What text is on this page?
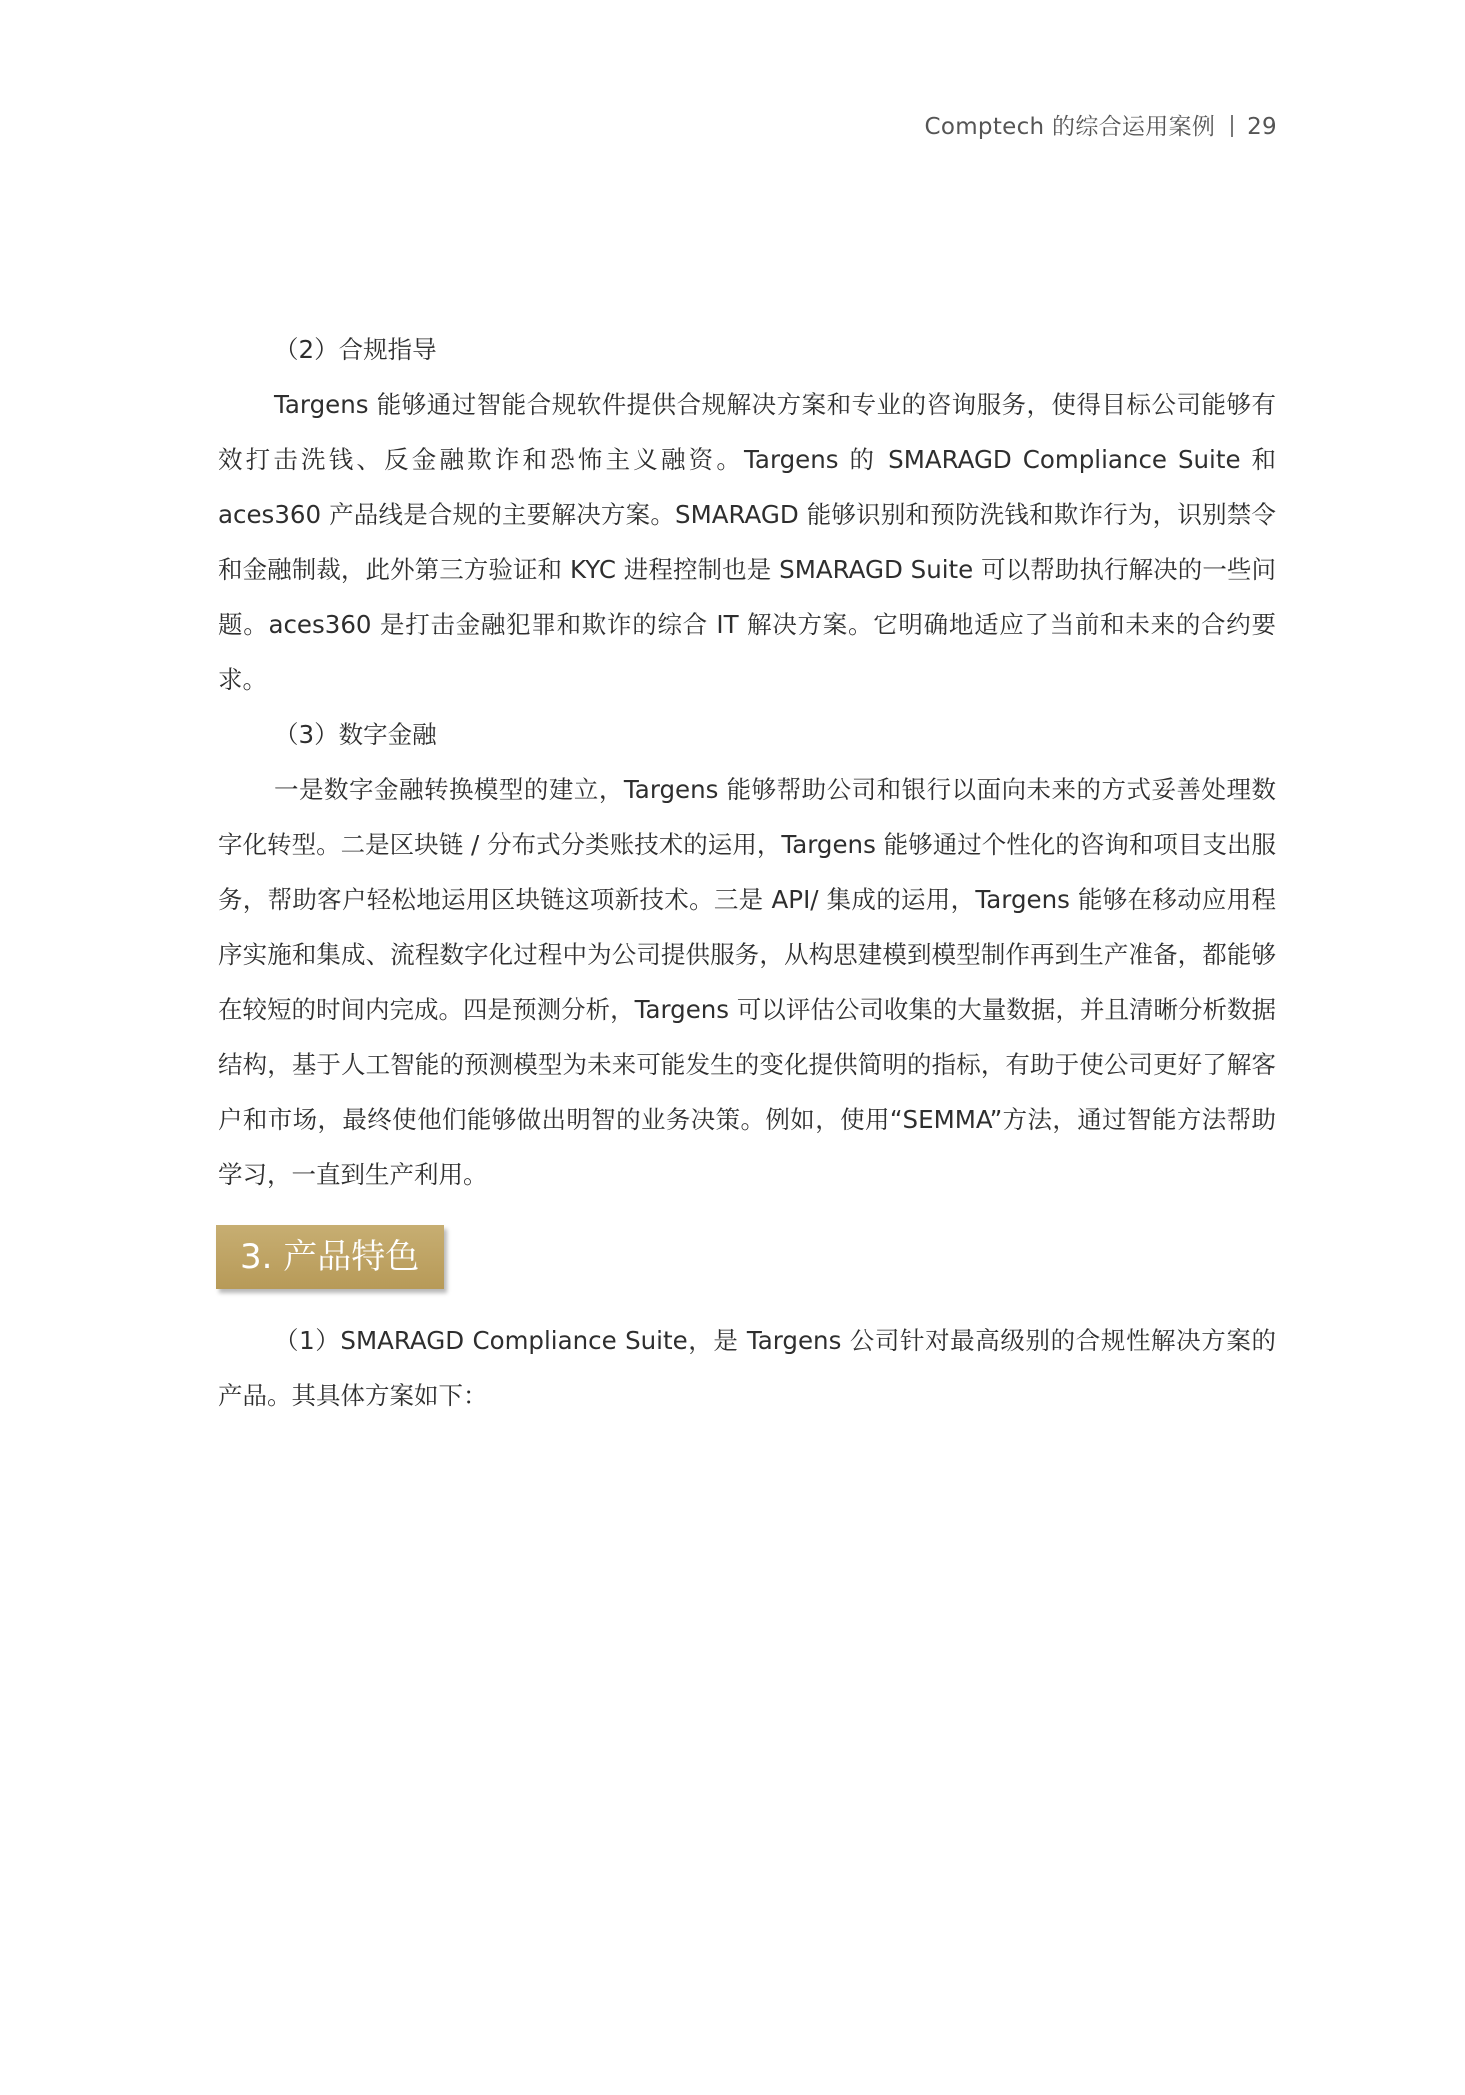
Comptech 的综合运用案例 29

（2）合规指导

Targens 能够通过智能合规软件提供合规解决方案和专业的咨询服务，使得目标公司能够有效打击洗钱、反金融欺诈和恐怖主义融资。Targens 的 SMARAGD Compliance Suite 和 aces360 产品线是合规的主要解决方案。SMARAGD 能够识别和预防洗钱和欺诈行为，识别禁令和金融制裁，此外第三方验证和 KYC 进程控制也是 SMARAGD Suite 可以帮助执行解决的一些问题。aces360 是打击金融犯罪和欺诈的综合 IT 解决方案。它明确地适应了当前和未来的合约要求。

（3）数字金融

一是数字金融转换模型的建立，Targens 能够帮助公司和银行以面向未来的方式妥善处理数字化转型。二是区块链 / 分布式分类账技术的运用，Targens 能够通过个性化的咨询和项目支出服务，帮助客户轻松地运用区块链这项新技术。三是 API/ 集成的运用，Targens 能够在移动应用程序实施和集成、流程数字化过程中为公司提供服务，从构思建模到模型制作再到生产准备，都能够在较短的时间内完成。四是预测分析，Targens 可以评估公司收集的大量数据，并且清晰分析数据结构，基于人工智能的预测模型为未来可能发生的变化提供简明的指标，有助于使公司更好了解客户和市场，最终使他们能够做出明智的业务决策。例如，使用“SEMMA”方法，通过智能方法帮助学习，一直到生产利用。

3. 产品特色

（1）SMARAGD Compliance Suite，是 Targens 公司针对最高级别的合规性解决方案的产品。其具体方案如下：
